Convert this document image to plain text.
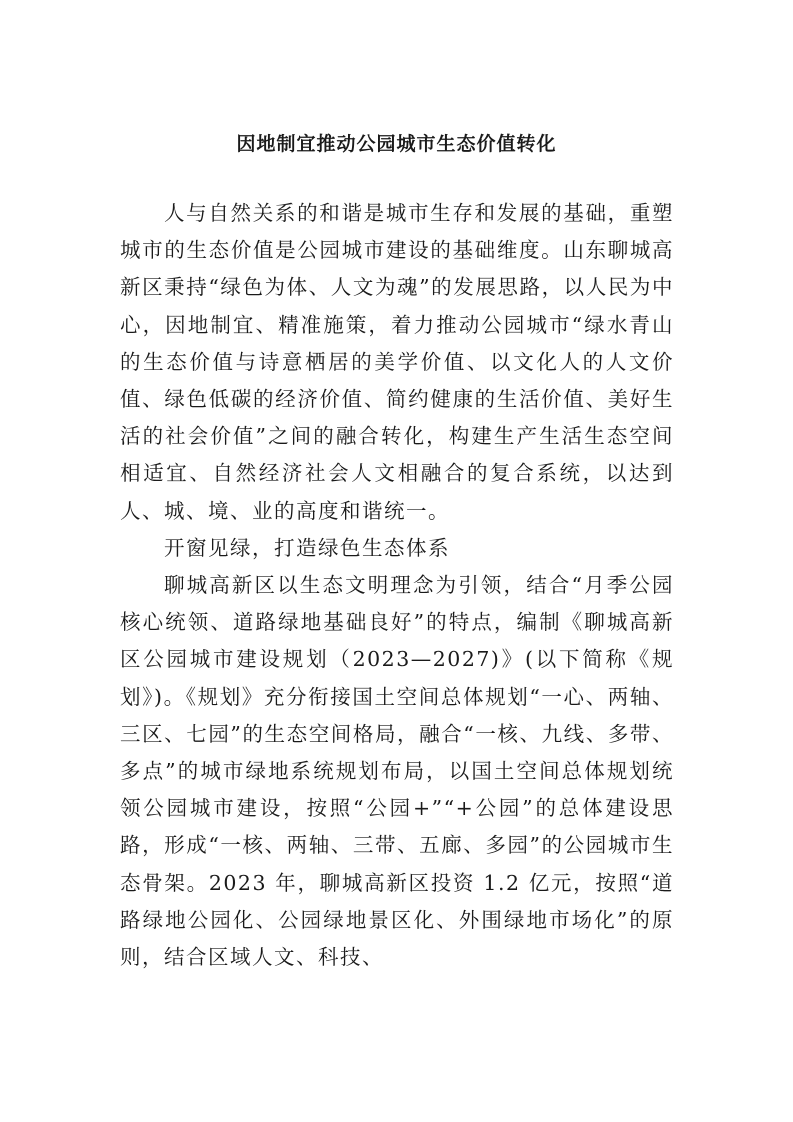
因地制宜推动公园城市生态价值转化

人与自然关系的和谐是城市生存和发展的基础，重塑城市的生态价值是公园城市建设的基础维度。山东聊城高新区秉持“绿色为体、人文为魂”的发展思路，以人民为中心，因地制宜、精准施策，着力推动公园城市“绿水青山的生态价值与诗意栖居的美学价值、以文化人的人文价值、绿色低碳的经济价值、简约健康的生活价值、美好生活的社会价值”之间的融合转化，构建生产生活生态空间相适宜、自然经济社会人文相融合的复合系统，以达到人、城、境、业的高度和谐统一。

开窗见绿，打造绿色生态体系

聊城高新区以生态文明理念为引领，结合“月季公园核心统领、道路绿地基础良好”的特点，编制《聊城高新区公园城市建设规划（2023—2027)》(以下简称《规划》)。《规划》充分衔接国土空间总体规划“一心、两轴、三区、七园”的生态空间格局，融合“一核、九线、多带、多点”的城市绿地系统规划布局，以国土空间总体规划统领公园城市建设，按照“公园+”“+公园”的总体建设思路，形成“一核、两轴、三带、五廊、多园”的公园城市生态骨架。2023 年，聊城高新区投资 1.2 亿元，按照“道路绿地公园化、公园绿地景区化、外围绿地市场化”的原则，结合区域人文、科技、
